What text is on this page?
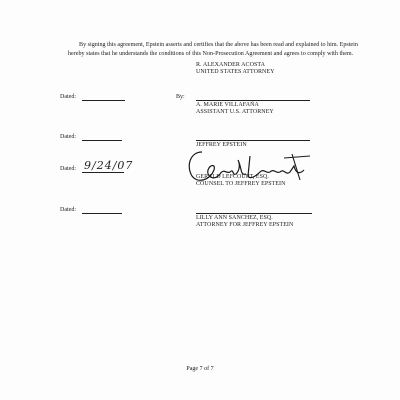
By signing this agreement, Epstein asserts and certifies that the above has been read and explained to him. Epstein hereby states that he understands the conditions of this Non-Prosecution Agreement and agrees to comply with them.
R. ALEXANDER ACOSTA
UNITED STATES ATTORNEY
Dated:	By:
A. MARIE VILLAFAÑA
ASSISTANT U.S. ATTORNEY
Dated:
JEFFREY EPSTEIN
Dated: 9/24/07
GERALD LEFCOURT, ESQ.
COUNSEL TO JEFFREY EPSTEIN
Dated:
LILLY ANN SANCHEZ, ESQ.
ATTORNEY FOR JEFFREY EPSTEIN
Page 7 of 7
